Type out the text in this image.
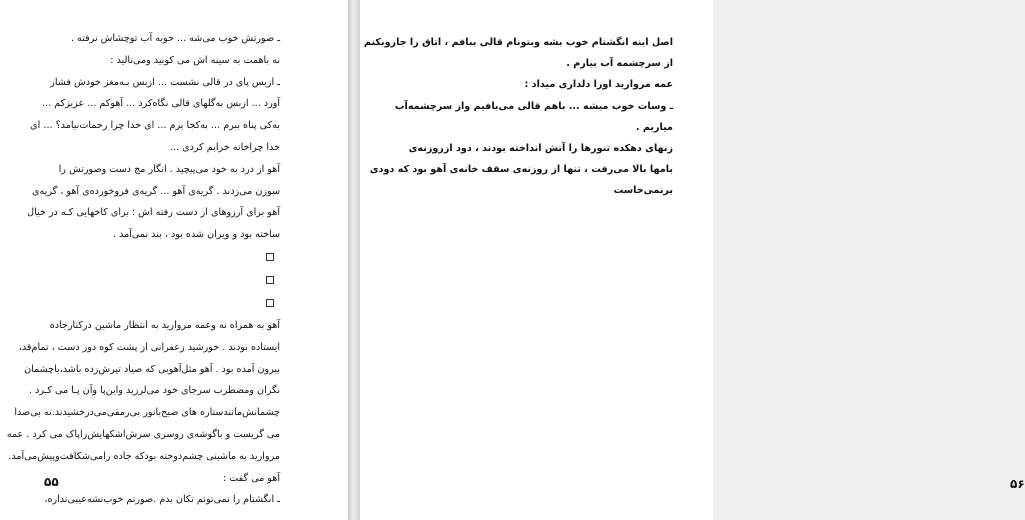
ـ صورتش خوب می‌شه ... خوبه آب توچشاش نرفته .
نه باهمت به سینه اش می کوبید ومی‌نالید :
ـ ازبس پای در قالی نشست ... ازبس بـه‌مغز خودش فشار
آورد ... ازبس به‌گلهای قالی نگاه‌کرد ... آهوکم ... عزیزکم ...
به‌کی پناه ببرم ... به‌کجا برم ... ای خدا چرا رحمات‌نیامد؟ ... ای
خدا چراخانه خرابم کردی ...
آهو از درد به خود می‌پیچید . انگار مج دست وصورتش را
سوزن می‌زدند . گریه‌ی آهو ... گریه‌ی فروخورده‌ی آهو ، گریه‌ی
آهو برای آرزوهای از دست رفته اش ؛ برای کاخهایی کـه در خیال
ساخته بود و ویران شده بود ، بند نمی‌آمد .
آهو به همراه نه وعمه مروارید به انتظار ماشین درکنارجاده
ایستاده بودند . خورشید زعفرانی از پشت کوه دور دست ، تمام‌قد،
بیرون آمده بود . آهو مثل‌آهویی که صیاد تیرش‌زده باشد،باچشمان
نگران ومضطرب سرجای خود می‌لرزید واین‌پا وآن پـا می کـرد .
چشمانش‌مانندستاره های صبح‌بانور بی‌رمقی‌می‌درخشیدند.نه بی‌صدا
می گریست و باگوشه‌ی روسری سرش‌اشکهایش‌راپاک می کرد . عمه
مروارید به ماشینی چشم‌دوخته بودکه جاده رامی‌شکافت‌وپیش‌می‌آمد.
آهو می گفت :
ـ انگشتام را نمی‌تونم تکان بدم .صورتم خوب‌نشه‌عیبی‌نداره،
۵۵
اصل اینه انگشتام خوب بشه وبتونام قالی ببافم ، اتاق را جاروبکنم
از سرچشمه آب بیارم .
عمه مروارید اورا دلداری میداد :
ـ وسات خوب میشه ... باهم قالی می‌بافیم واز سرچشمه‌آب
میاریم .
زنهای دهکده تنورها را آتش انداخته بودند ، دود ازروزنه‌ی
بامها بالا می‌رفت ، تنها از روزنه‌ی سقف خانه‌ی آهو بود که دودی
برنمی‌خاست
۵۶
